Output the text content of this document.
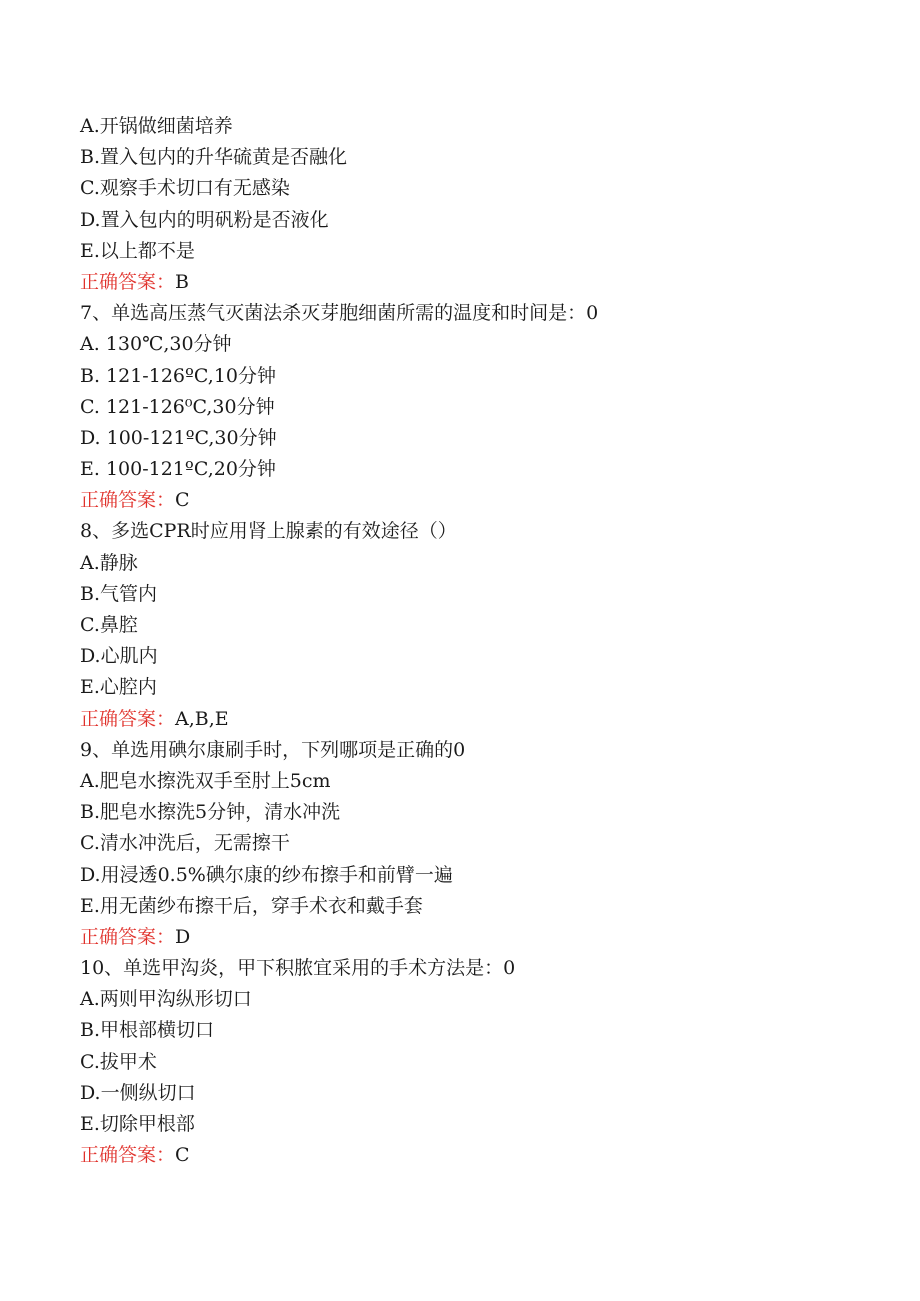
A.开锅做细菌培养
B.置入包内的升华硫黄是否融化
C.观察手术切口有无感染
D.置入包内的明矾粉是否液化
E.以上都不是
正确答案：B
7、单选高压蒸气灭菌法杀灭芽胞细菌所需的温度和时间是：0
A. 130℃,30分钟
B. 121-126ºC,10分钟
C. 121-126⁰C,30分钟
D. 100-121ºC,30分钟
E. 100-121ºC,20分钟
正确答案：C
8、多选CPR时应用肾上腺素的有效途径（）
A.静脉
B.气管内
C.鼻腔
D.心肌内
E.心腔内
正确答案：A,B,E
9、单选用碘尔康刷手时，下列哪项是正确的0
A.肥皂水擦洗双手至肘上5cm
B.肥皂水擦洗5分钟，清水冲洗
C.清水冲洗后，无需擦干
D.用浸透0.5%碘尔康的纱布擦手和前臂一遍
E.用无菌纱布擦干后，穿手术衣和戴手套
正确答案：D
10、单选甲沟炎，甲下积脓宜采用的手术方法是：0
A.两则甲沟纵形切口
B.甲根部横切口
C.拔甲术
D.一侧纵切口
E.切除甲根部
正确答案：C
